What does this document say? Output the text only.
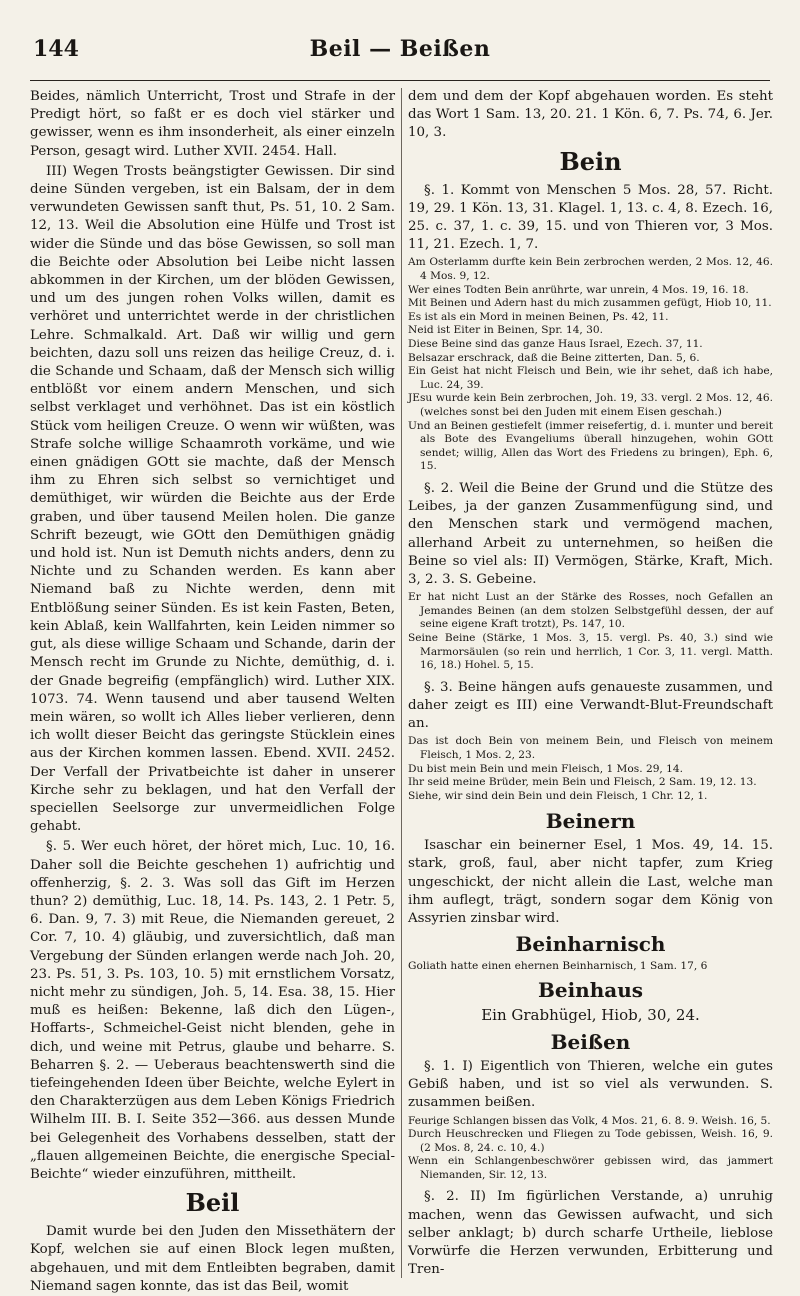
144	Beil — Beißen

Beides, nämlich Unterricht, Trost und Strafe in der Predigt hört, so faßt er es doch viel stärker und gewisser, wenn es ihm insonderheit, als einer einzeln Person, gesagt wird. Luther XVII. 2454. Hall.

III) Wegen Trosts beängstigter Gewissen. Dir sind deine Sünden vergeben, ist ein Balsam, der in dem verwundeten Gewissen sanft thut, Ps. 51, 10. 2 Sam. 12, 13. Weil die Absolution eine Hülfe und Trost ist wider die Sünde und das böse Gewissen, so soll man die Beichte oder Absolution bei Leibe nicht lassen abkommen in der Kirchen, um der blöden Gewissen, und um des jungen rohen Volks willen, damit es verhöret und unterrichtet werde in der christlichen Lehre. Schmalkald. Art. Daß wir willig und gern beichten, dazu soll uns reizen das heilige Creuz, d. i. die Schande und Schaam, daß der Mensch sich willig entblößt vor einem andern Menschen, und sich selbst verklaget und verhöhnet. Das ist ein köstlich Stück vom heiligen Creuze. O wenn wir wüßten, was Strafe solche willige Schaamroth vorkäme, und wie einen gnädigen GOtt sie machte, daß der Mensch ihm zu Ehren sich selbst so vernichtiget und demüthiget, wir würden die Beichte aus der Erde graben, und über tausend Meilen holen. Die ganze Schrift bezeugt, wie GOtt den Demüthigen gnädig und hold ist. Nun ist Demuth nichts anders, denn zu Nichte und zu Schanden werden. Es kann aber Niemand baß zu Nichte werden, denn mit Entblößung seiner Sünden. Es ist kein Fasten, Beten, kein Ablaß, kein Wallfahrten, kein Leiden nimmer so gut, als diese willige Schaam und Schande, darin der Mensch recht im Grunde zu Nichte, demüthig, d. i. der Gnade begreifig (empfänglich) wird. Luther XIX. 1073. 74. Wenn tausend und aber tausend Welten mein wären, so wollt ich Alles lieber verlieren, denn ich wollt dieser Beicht das geringste Stücklein eines aus der Kirchen kommen lassen. Ebend. XVII. 2452. Der Verfall der Privatbeichte ist daher in unserer Kirche sehr zu beklagen, und hat den Verfall der speciellen Seelsorge zur unvermeidlichen Folge gehabt.

§. 5. Wer euch höret, der höret mich, Luc. 10, 16. Daher soll die Beichte geschehen 1) aufrichtig und offenherzig, §. 2. 3. Was soll das Gift im Herzen thun? 2) demüthig, Luc. 18, 14. Ps. 143, 2. 1 Petr. 5, 6. Dan. 9, 7. 3) mit Reue, die Niemanden gereuet, 2 Cor. 7, 10. 4) gläubig, und zuversichtlich, daß man Vergebung der Sünden erlangen werde nach Joh. 20, 23. Ps. 51, 3. Ps. 103, 10. 5) mit ernstlichem Vorsatz, nicht mehr zu sündigen, Joh. 5, 14. Esa. 38, 15. Hier muß es heißen: Bekenne, laß dich den Lügen-, Hoffarts-, Schmeichel-Geist nicht blenden, gehe in dich, und weine mit Petrus, glaube und beharre. S. Beharren §. 2. — Ueberaus beachtenswerth sind die tiefeingehenden Ideen über Beichte, welche Eylert in den Charakterzügen aus dem Leben Königs Friedrich Wilhelm III. B. I. Seite 352—366. aus dessen Munde bei Gelegenheit des Vorhabens desselben, statt der „flauen allgemeinen Beichte, die energische Special-Beichte“ wieder einzuführen, mittheilt.

Beil

Damit wurde bei den Juden den Missethätern der Kopf, welchen sie auf einen Block legen mußten, abgehauen, und mit dem Entleibten begraben, damit Niemand sagen konnte, das ist das Beil, womit

dem und dem der Kopf abgehauen worden. Es steht das Wort 1 Sam. 13, 20. 21. 1 Kön. 6, 7. Ps. 74, 6. Jer. 10, 3.

Bein

§. 1. Kommt von Menschen 5 Mos. 28, 57. Richt. 19, 29. 1 Kön. 13, 31. Klagel. 1, 13. c. 4, 8. Ezech. 16, 25. c. 37, 1. c. 39, 15. und von Thieren vor, 3 Mos. 11, 21. Ezech. 1, 7.

Am Osterlamm durfte kein Bein zerbrochen werden, 2 Mos. 12, 46. 4 Mos. 9, 12.

Wer eines Todten Bein anrührte, war unrein, 4 Mos. 19, 16. 18.

Mit Beinen und Adern hast du mich zusammen gefügt, Hiob 10, 11.

Es ist als ein Mord in meinen Beinen, Ps. 42, 11.

Neid ist Eiter in Beinen, Spr. 14, 30.

Diese Beine sind das ganze Haus Israel, Ezech. 37, 11.

Belsazar erschrack, daß die Beine zitterten, Dan. 5, 6.

Ein Geist hat nicht Fleisch und Bein, wie ihr sehet, daß ich habe, Luc. 24, 39.

JEsu wurde kein Bein zerbrochen, Joh. 19, 33. vergl. 2 Mos. 12, 46. (welches sonst bei den Juden mit einem Eisen geschah.)

Und an Beinen gestiefelt (immer reisefertig, d. i. munter und bereit als Bote des Evangeliums überall hinzugehen, wohin GOtt sendet; willig, Allen das Wort des Friedens zu bringen), Eph. 6, 15.

§. 2. Weil die Beine der Grund und die Stütze des Leibes, ja der ganzen Zusammenfügung sind, und den Menschen stark und vermögend machen, allerhand Arbeit zu unternehmen, so heißen die Beine so viel als: II) Vermögen, Stärke, Kraft, Mich. 3, 2. 3. S. Gebeine.

Er hat nicht Lust an der Stärke des Rosses, noch Gefallen an Jemandes Beinen (an dem stolzen Selbstgefühl dessen, der auf seine eigene Kraft trotzt), Ps. 147, 10.

Seine Beine (Stärke, 1 Mos. 3, 15. vergl. Ps. 40, 3.) sind wie Marmorsäulen (so rein und herrlich, 1 Cor. 3, 11. vergl. Matth. 16, 18.) Hohel. 5, 15.

§. 3. Beine hängen aufs genaueste zusammen, und daher zeigt es III) eine Verwandt-Blut-Freundschaft an.

Das ist doch Bein von meinem Bein, und Fleisch von meinem Fleisch, 1 Mos. 2, 23.

Du bist mein Bein und mein Fleisch, 1 Mos. 29, 14.

Ihr seid meine Brüder, mein Bein und Fleisch, 2 Sam. 19, 12. 13.

Siehe, wir sind dein Bein und dein Fleisch, 1 Chr. 12, 1.

Beinern

Isaschar ein beinerner Esel, 1 Mos. 49, 14. 15. stark, groß, faul, aber nicht tapfer, zum Krieg ungeschickt, der nicht allein die Last, welche man ihm auflegt, trägt, sondern sogar dem König von Assyrien zinsbar wird.

Beinharnisch

Goliath hatte einen ehernen Beinharnisch, 1 Sam. 17, 6

Beinhaus
Ein Grabhügel, Hiob, 30, 24.
Beißen

§. 1. I) Eigentlich von Thieren, welche ein gutes Gebiß haben, und ist so viel als verwunden. S. zusammen beißen.

Feurige Schlangen bissen das Volk, 4 Mos. 21, 6. 8. 9. Weish. 16, 5.

Durch Heuschrecken und Fliegen zu Tode gebissen, Weish. 16, 9. (2 Mos. 8, 24. c. 10, 4.)

Wenn ein Schlangenbeschwörer gebissen wird, das jammert Niemanden, Sir. 12, 13.

§. 2. II) Im figürlichen Verstande, a) unruhig machen, wenn das Gewissen aufwacht, und sich selber anklagt; b) durch scharfe Urtheile, lieblose Vorwürfe die Herzen verwunden, Erbitterung und Tren-
